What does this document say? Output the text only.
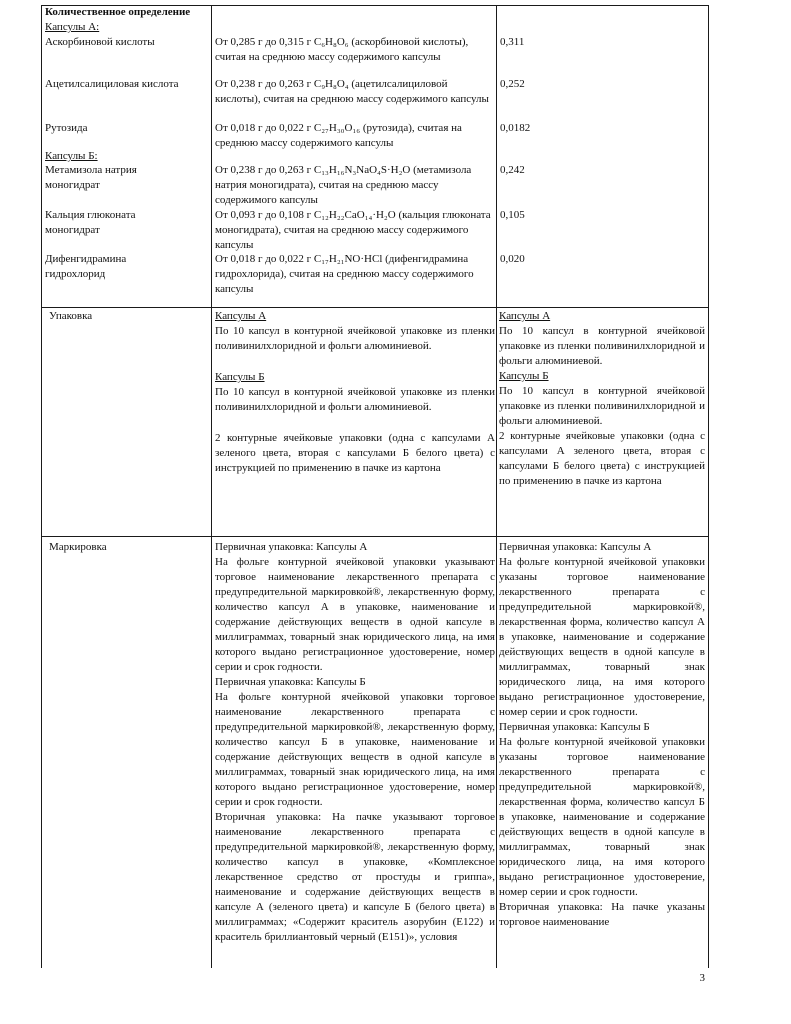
Количественное определение

Капсулы А:

Аскорбиновой кислоты

Ацетилсалициловая кислота

Рутозида

Капсулы Б:

Метамизола натрия моногидрат

Кальция глюконата моногидрат

Дифенгидрамина гидрохлорид

От 0,285 г до 0,315 г C₆H₈O₆ (аскорбиновой кислоты), считая на среднюю массу содержимого капсулы
От 0,238 г до 0,263 г C₉H₈O₄ (ацетилсалициловой кислоты), считая на среднюю массу содержимого капсулы
От 0,018 г до 0,022 г C₂₇H₃₀O₁₆ (рутозида), считая на среднюю массу содержимого капсулы
От 0,238 г до 0,263 г C₁₃H₁₆N₃NaO₄S·H₂O (метамизола натрия моногидрата), считая на среднюю массу содержимого капсулы
От 0,093 г до 0,108 г C₁₂H₂₂CaO₁₄·H₂O (кальция глюконата моногидрата), считая на среднюю массу содержимого капсулы
От 0,018 г до 0,022 г C₁₇H₂₁NO·HCl (дифенгидрамина гидрохлорида), считая на среднюю массу содержимого капсулы
0,311
0,252
0,0182
0,242
0,105
0,020
Упаковка	Капсулы А

По 10 капсул в контурной ячейковой упаковке из пленки поливинилхлоридной и фольги алюминиевой.

Капсулы Б

По 10 капсул в контурной ячейковой упаковке из пленки поливинилхлоридной и фольги алюминиевой.

2 контурные ячейковые упаковки (одна с капсулами А зеленого цвета, вторая с капсулами Б белого цвета) с инструкцией по применению в пачке из картона

Капсулы А

По 10 капсул в контурной ячейковой упаковке из пленки поливинилхлоридной и фольги алюминиевой.

Капсулы Б

По 10 капсул в контурной ячейковой упаковке из пленки поливинилхлоридной и фольги алюминиевой.

2 контурные ячейковые упаковки (одна с капсулами А зеленого цвета, вторая с капсулами Б белого цвета) с инструкцией по применению в пачке из картона

Маркировка	Первичная упаковка: Капсулы А

На фольге контурной ячейковой упаковки указывают торговое наименование лекарственного препарата с предупредительной маркировкой®, лекарственную форму, количество капсул А в упаковке, наименование и содержание действующих веществ в одной капсуле в миллиграммах, товарный знак юридического лица, на имя которого выдано регистрационное удостоверение, номер серии и срок годности.

Первичная упаковка: Капсулы Б

На фольге контурной ячейковой упаковки торговое наименование лекарственного препарата с предупредительной маркировкой®, лекарственную форму, количество капсул Б в упаковке, наименование и содержание действующих веществ в одной капсуле в миллиграммах, товарный знак юридического лица, на имя которого выдано регистрационное удостоверение, номер серии и срок годности.

Вторичная упаковка: На пачке указывают торговое наименование лекарственного препарата с предупредительной маркировкой®, лекарственную форму, количество капсул в упаковке, «Комплексное лекарственное средство от простуды и гриппа», наименование и содержание действующих веществ в капсуле А (зеленого цвета) и капсуле Б (белого цвета) в миллиграммах; «Содержит краситель азорубин (Е122) и краситель бриллиантовый черный (Е151)», условия

Первичная упаковка: Капсулы А

На фольге контурной ячейковой упаковки указаны торговое наименование лекарственного препарата с предупредительной маркировкой®, лекарственная форма, количество капсул А в упаковке, наименование и содержание действующих веществ в одной капсуле в миллиграммах, товарный знак юридического лица, на имя которого выдано регистрационное удостоверение, номер серии и срок годности.

Первичная упаковка: Капсулы Б

На фольге контурной ячейковой упаковки указаны торговое наименование лекарственного препарата с предупредительной маркировкой®, лекарственная форма, количество капсул Б в упаковке, наименование и содержание действующих веществ в одной капсуле в миллиграммах, товарный знак юридического лица, на имя которого выдано регистрационное удостоверение, номер серии и срок годности.

Вторичная упаковка: На пачке указаны торговое наименование

3
